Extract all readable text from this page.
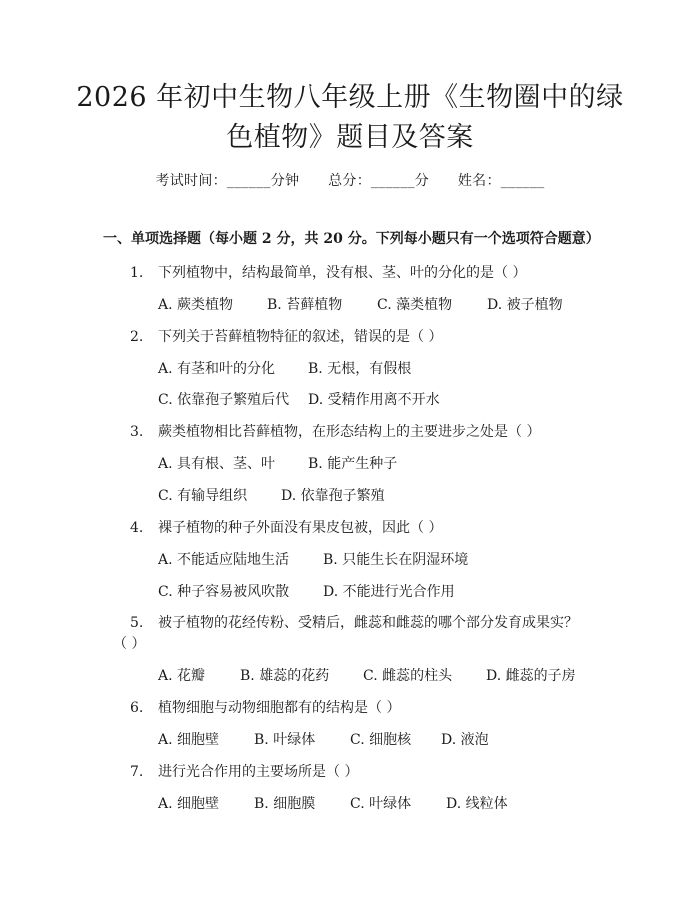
2026 年初中生物八年级上册《生物圈中的绿
色植物》题目及答案
考试时间：______分钟 总分：______分 姓名：______
一、单项选择题（每小题 2 分，共 20 分。下列每小题只有一个选项符合题意）
1. 下列植物中，结构最简单，没有根、茎、叶的分化的是（ ）
A. 蕨类植物 B. 苔藓植物 C. 藻类植物 D. 被子植物
2. 下列关于苔藓植物特征的叙述，错误的是（ ）
A. 有茎和叶的分化 B. 无根，有假根
C. 依靠孢子繁殖后代 D. 受精作用离不开水
3. 蕨类植物相比苔藓植物，在形态结构上的主要进步之处是（ ）
A. 具有根、茎、叶 B. 能产生种子
C. 有输导组织 D. 依靠孢子繁殖
4. 裸子植物的种子外面没有果皮包被，因此（ ）
A. 不能适应陆地生活 B. 只能生长在阴湿环境
C. 种子容易被风吹散 D. 不能进行光合作用
5. 被子植物的花经传粉、受精后，雌蕊和雌蕊的哪个部分发育成果实？
（ ）
A. 花瓣 B. 雄蕊的花药 C. 雌蕊的柱头 D. 雌蕊的子房
6. 植物细胞与动物细胞都有的结构是（ ）
A. 细胞壁 B. 叶绿体 C. 细胞核 D. 液泡
7. 进行光合作用的主要场所是（ ）
A. 细胞壁 B. 细胞膜 C. 叶绿体 D. 线粒体
